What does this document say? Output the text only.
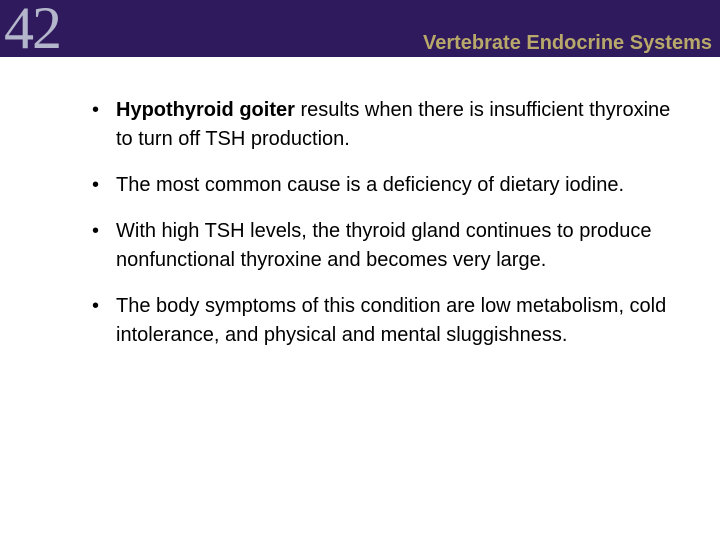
42	Vertebrate Endocrine Systems
• Hypothyroid goiter results when there is insufficient thyroxine to turn off TSH production.
• The most common cause is a deficiency of dietary iodine.
• With high TSH levels, the thyroid gland continues to produce nonfunctional thyroxine and becomes very large.
• The body symptoms of this condition are low metabolism, cold intolerance, and physical and mental sluggishness.
